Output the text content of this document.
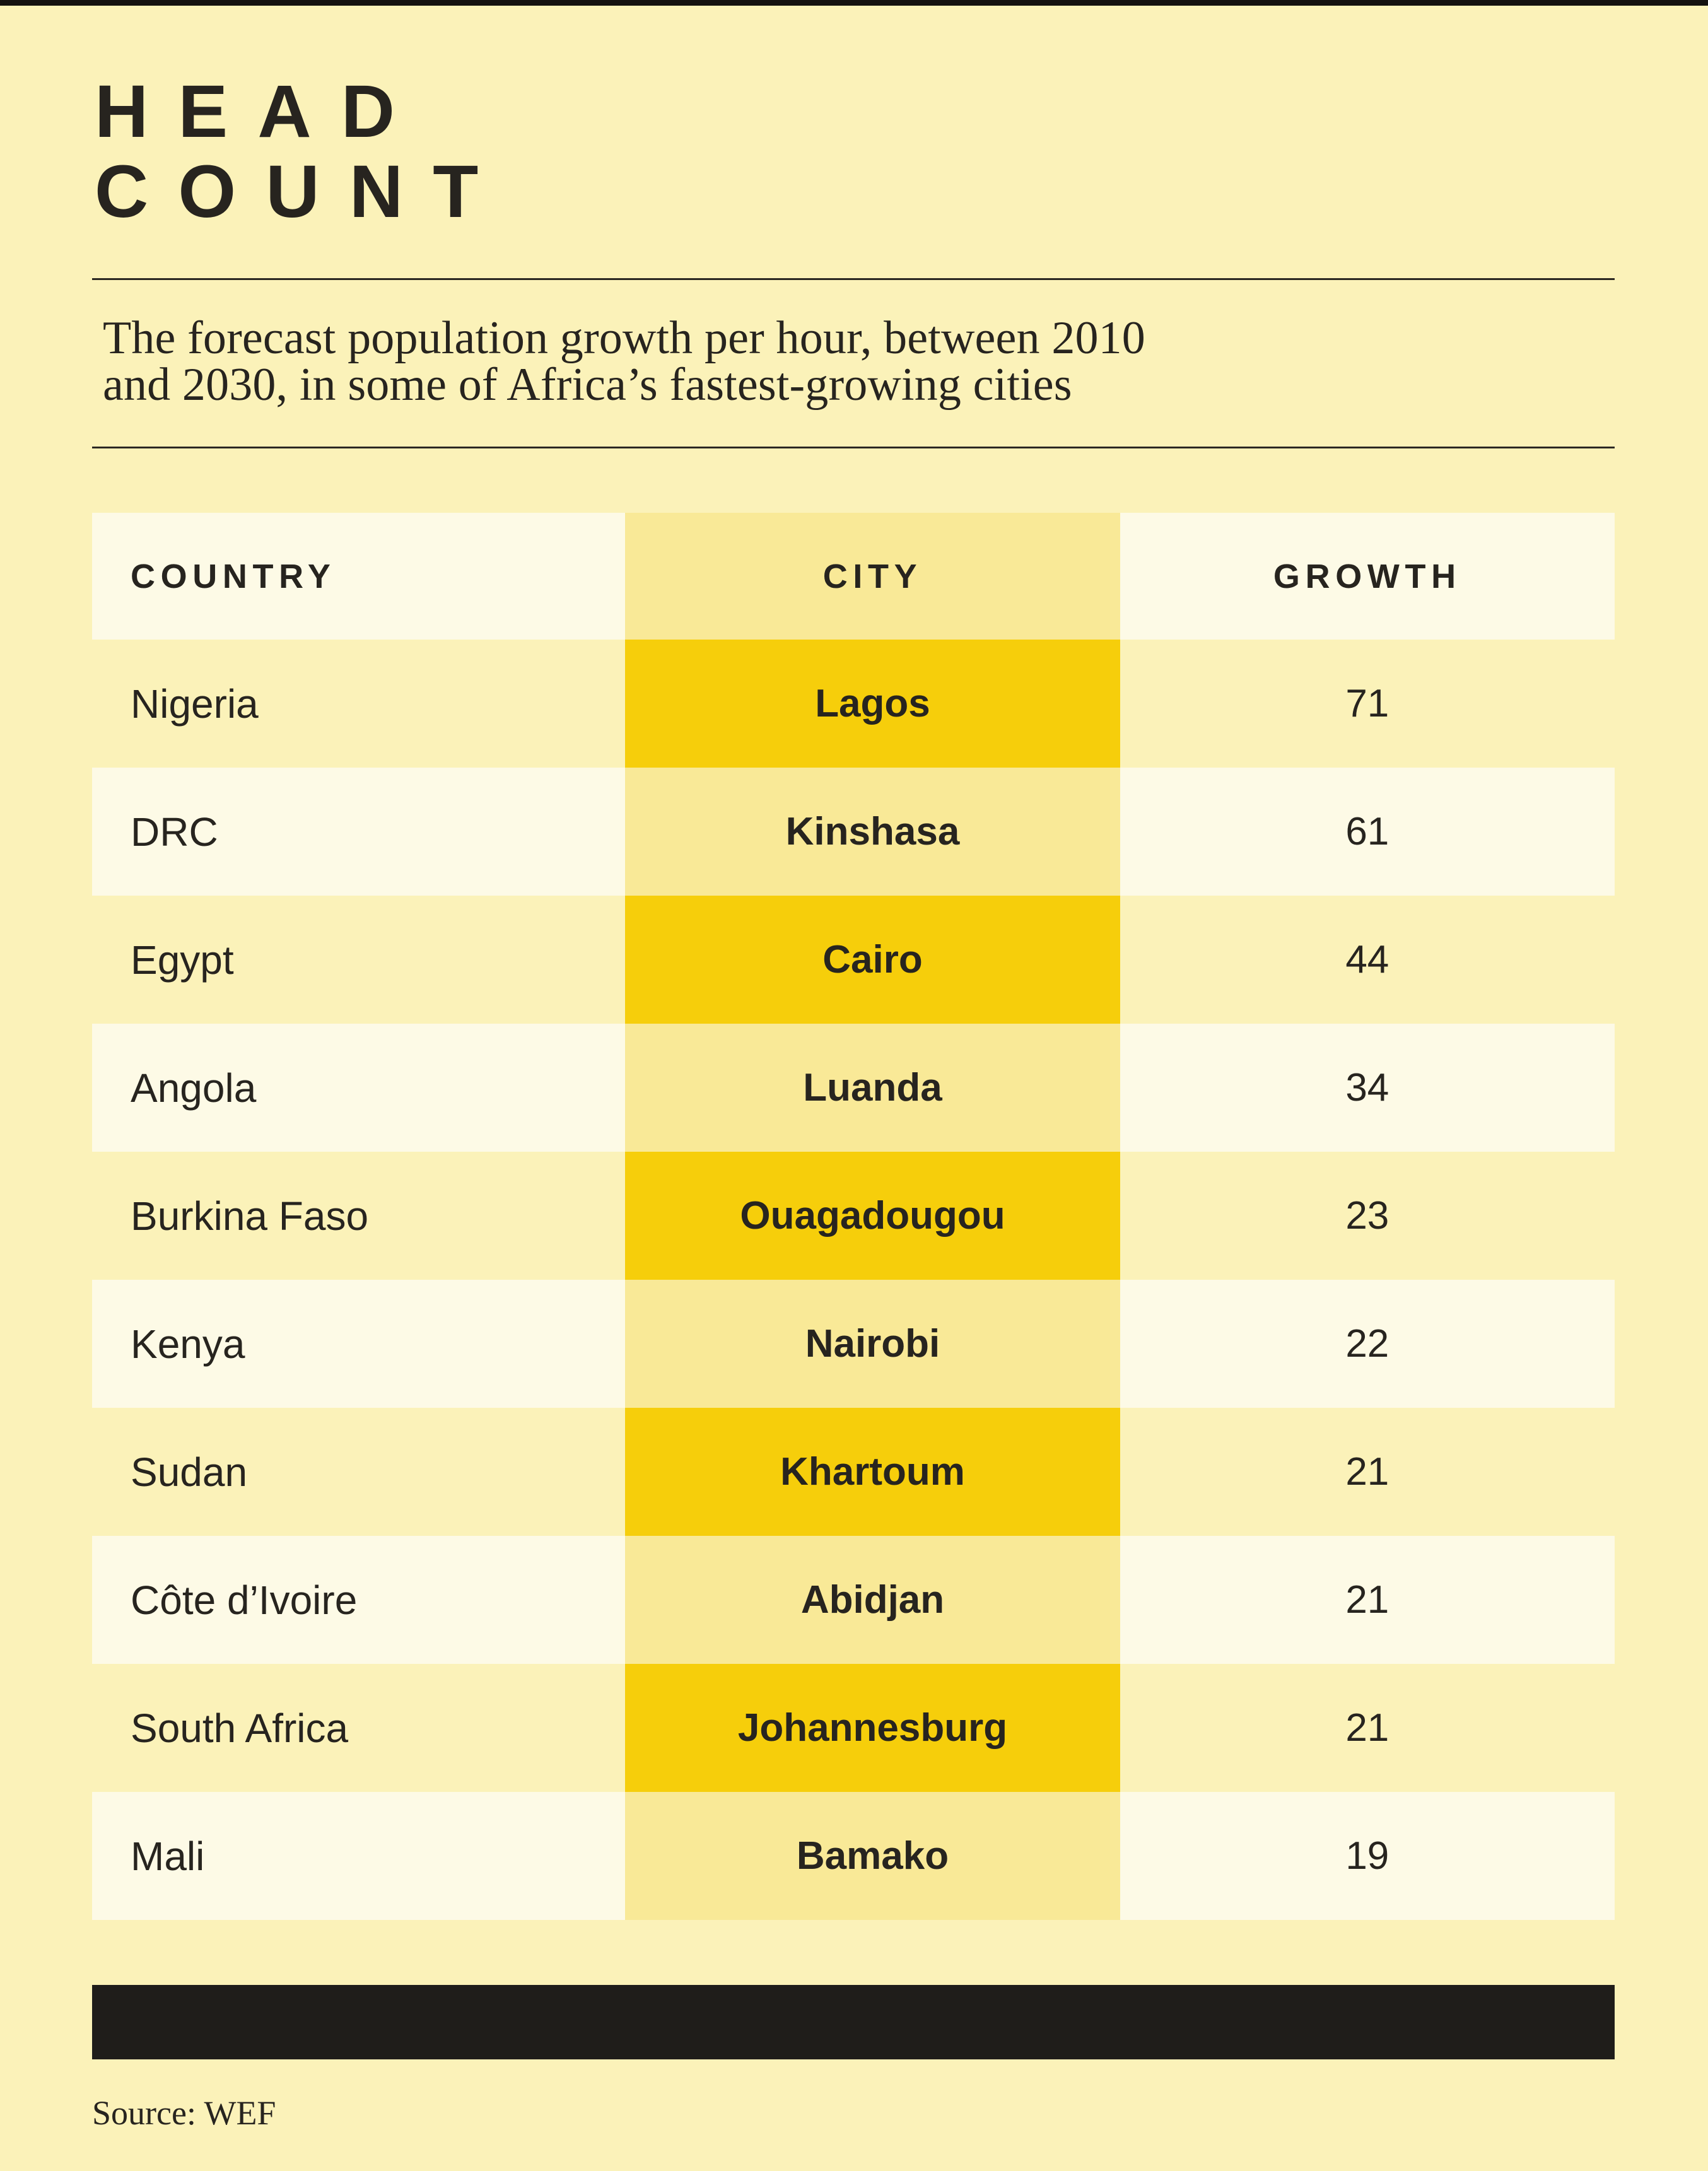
HEAD
COUNT

The forecast population growth per hour, between 2010
and 2030, in some of Africa’s fastest-growing cities

COUNTRY	CITY	GROWTH
Nigeria	Lagos	71
DRC	Kinshasa	61
Egypt	Cairo	44
Angola	Luanda	34
Burkina Faso	Ouagadougou	23
Kenya	Nairobi	22
Sudan	Khartoum	21
Côte d’Ivoire	Abidjan	21
South Africa	Johannesburg	21
Mali	Bamako	19

Source: WEF
